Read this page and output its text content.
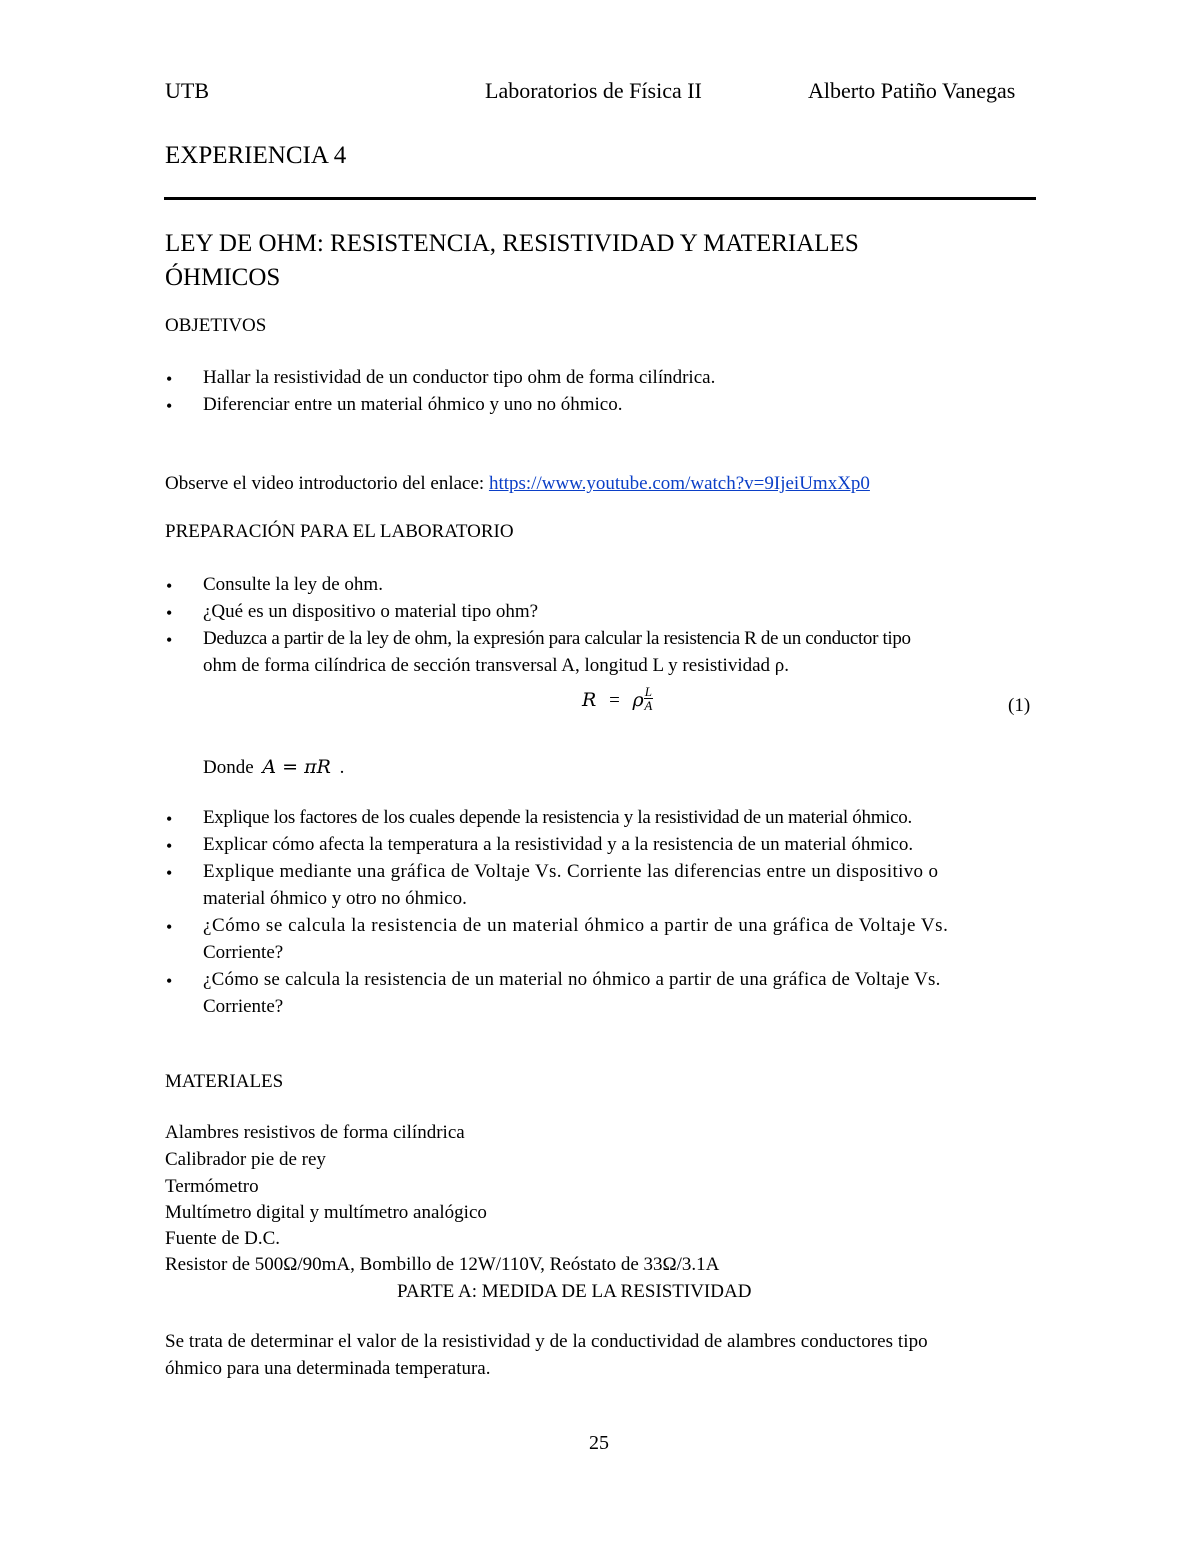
UTB	Laboratorios de Física II	Alberto Patiño Vanegas
EXPERIENCIA 4
LEY DE OHM: RESISTENCIA, RESISTIVIDAD Y MATERIALES
ÓHMICOS
OBJETIVOS
• Hallar la resistividad de un conductor tipo ohm de forma cilíndrica.
• Diferenciar entre un material óhmico y uno no óhmico.
Observe el video introductorio del enlace: https://www.youtube.com/watch?v=9IjeiUmxXp0
PREPARACIÓN PARA EL LABORATORIO
• Consulte la ley de ohm.
• ¿Qué es un dispositivo o material tipo ohm?
• Deduzca a partir de la ley de ohm, la expresión para calcular la resistencia R de un conductor tipo
ohm de forma cilíndrica de sección transversal A, longitud L y resistividad ρ.
R = ρ $\frac{L}{A}$	(1)
Donde A = πR .
• Explique los factores de los cuales depende la resistencia y la resistividad de un material óhmico.
• Explicar cómo afecta la temperatura a la resistividad y a la resistencia de un material óhmico.
• Explique mediante una gráfica de Voltaje Vs. Corriente las diferencias entre un dispositivo o
material óhmico y otro no óhmico.
• ¿Cómo se calcula la resistencia de un material óhmico a partir de una gráfica de Voltaje Vs.
Corriente?
• ¿Cómo se calcula la resistencia de un material no óhmico a partir de una gráfica de Voltaje Vs.
Corriente?
MATERIALES
Alambres resistivos de forma cilíndrica
Calibrador pie de rey
Termómetro
Multímetro digital y multímetro analógico
Fuente de D.C.
Resistor de 500Ω/90mA, Bombillo de 12W/110V, Reóstato de 33Ω/3.1A
PARTE A: MEDIDA DE LA RESISTIVIDAD
Se trata de determinar el valor de la resistividad y de la conductividad de alambres conductores tipo
óhmico para una determinada temperatura.
25
